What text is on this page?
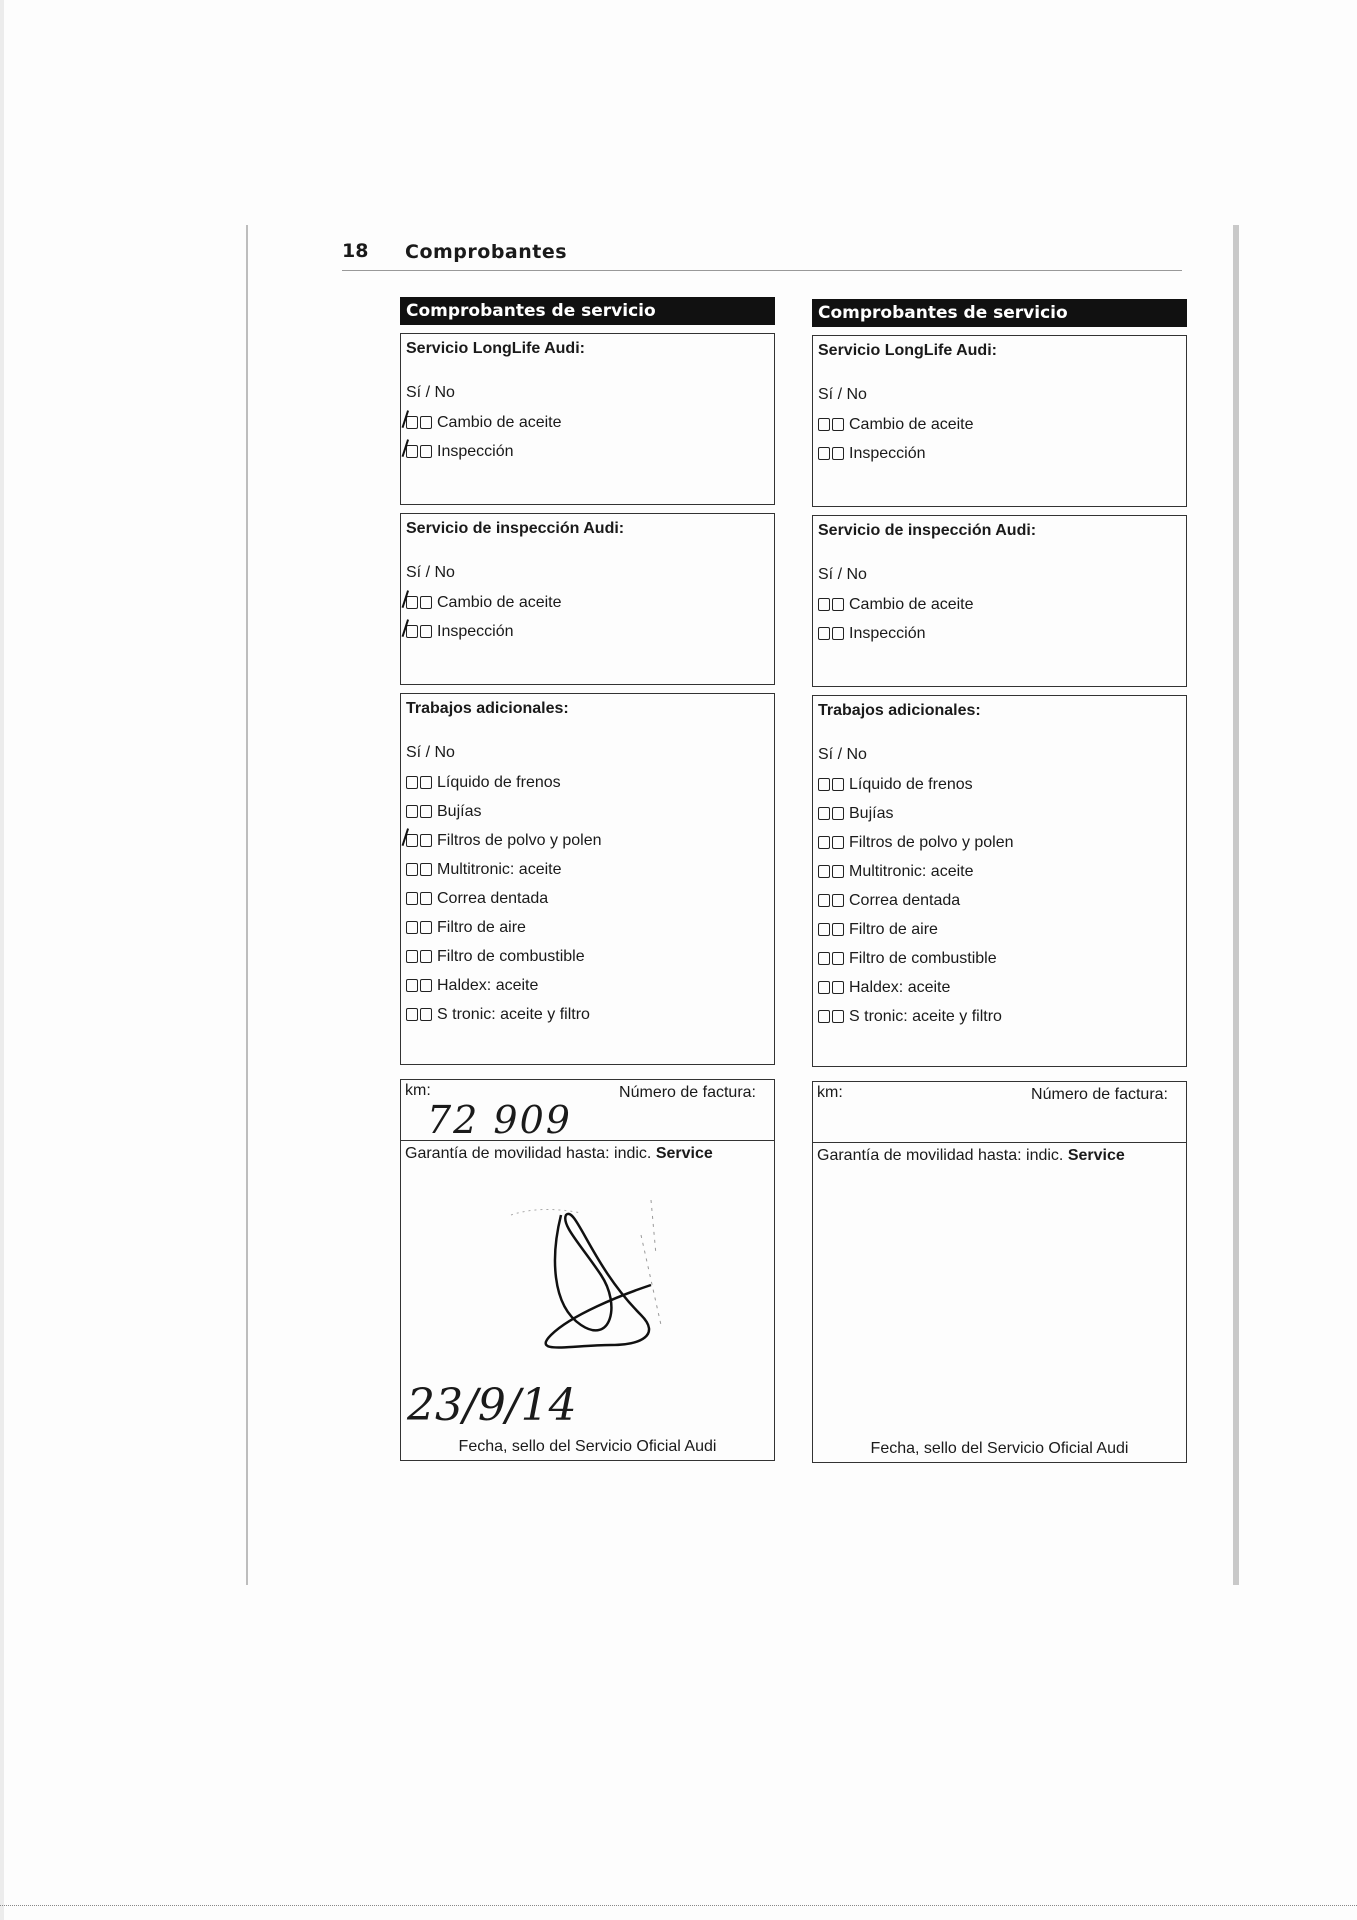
18 Comprobantes
Comprobantes de servicio
Servicio LongLife Audi:
Sí / No
Cambio de aceite
Inspección
Servicio de inspección Audi:
Sí / No
Cambio de aceite
Inspección
Trabajos adicionales:
Sí / No
Líquido de frenos
Bujías
Filtros de polvo y polen
Multitronic: aceite
Correa dentada
Filtro de aire
Filtro de combustible
Haldex: aceite
S tronic: aceite y filtro
km:	Número de factura:
72 909
Garantía de movilidad hasta: indic. Service
23/9/14
Fecha, sello del Servicio Oficial Audi
Comprobantes de servicio
Servicio LongLife Audi:
Sí / No
Cambio de aceite
Inspección
Servicio de inspección Audi:
Sí / No
Cambio de aceite
Inspección
Trabajos adicionales:
Sí / No
Líquido de frenos
Bujías
Filtros de polvo y polen
Multitronic: aceite
Correa dentada
Filtro de aire
Filtro de combustible
Haldex: aceite
S tronic: aceite y filtro
km:	Número de factura:
Garantía de movilidad hasta: indic. Service
Fecha, sello del Servicio Oficial Audi
